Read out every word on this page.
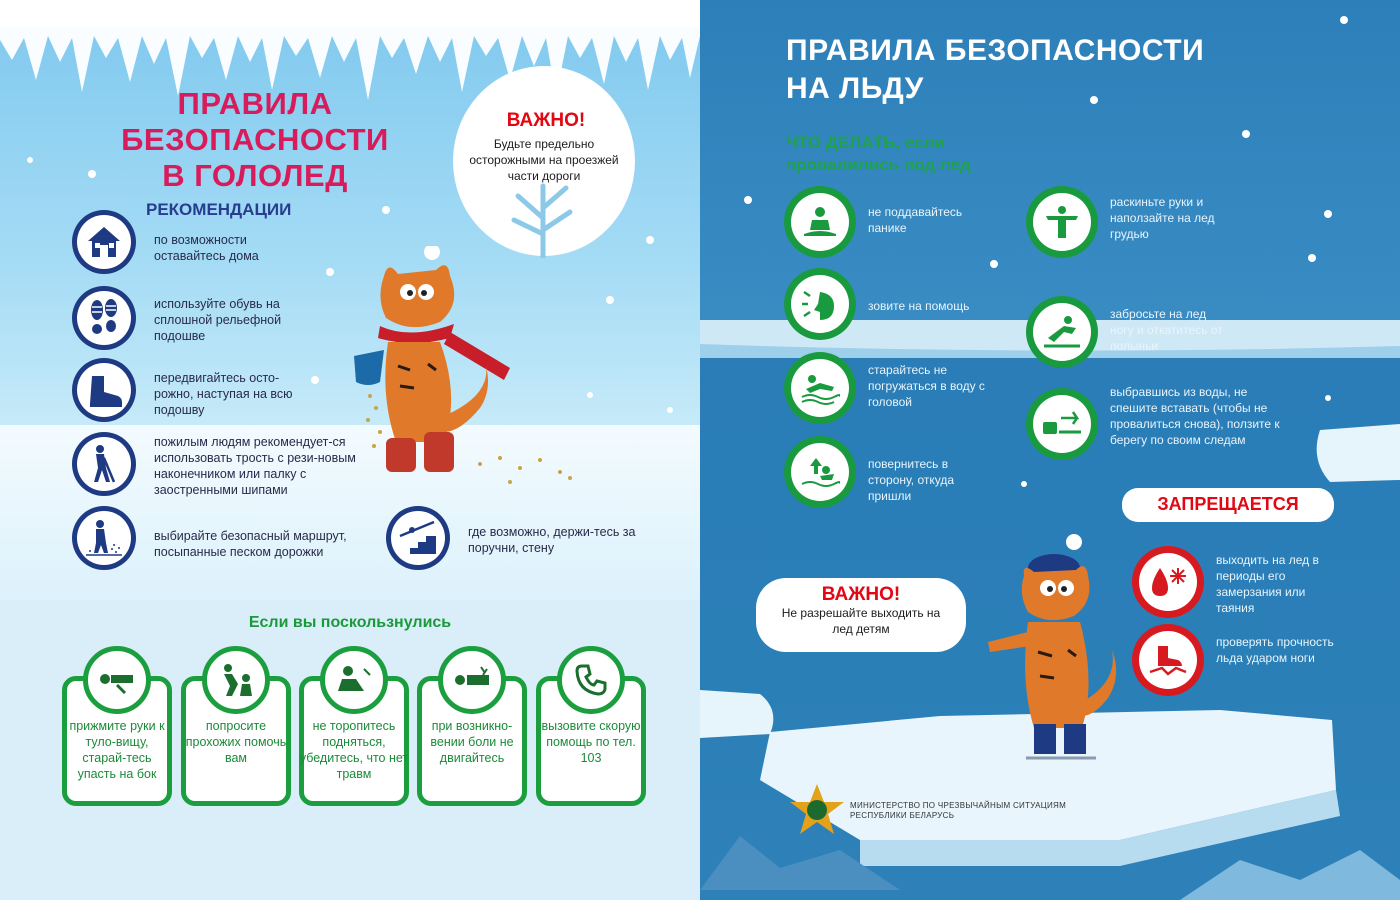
ПРАВИЛА
БЕЗОПАСНОСТИ
В ГОЛОЛЕД
ВАЖНО!
Будьте предельно осторожными на проезжей части дороги
РЕКОМЕНДАЦИИ
по возможности оставайтесь дома
используйте обувь на сплошной рельефной подошве
передвигайтесь осто-рожно, наступая на всю подошву
пожилым людям рекомендует-ся использовать трость с рези-новым наконечником или палку с заостренными шипами
выбирайте безопасный маршрут, посыпанные песком дорожки
где возможно, держи-тесь за поручни, стену
Если вы поскользнулись
прижмите руки к туло-вищу, старай-тесь упасть на бок
попросите прохожих помочь вам
не торопитесь подняться, убедитесь, что нет травм
при возникно-вении боли не двигайтесь
вызовите скорую помощь по тел. 103
ПРАВИЛА БЕЗОПАСНОСТИ
НА ЛЬДУ
ЧТО ДЕЛАТЬ, если
провалились под лед
не поддавайтесь панике
зовите на помощь
старайтесь не погружаться в воду с головой
повернитесь в сторону, откуда пришли
раскиньте руки и наползайте на лед грудью
забросьте на лед ногу и откатитесь от полыньи
выбравшись из воды, не спешите вставать (чтобы не провалиться снова), ползите к берегу по своим следам
ЗАПРЕЩАЕТСЯ
выходить на лед в периоды его замерзания или таяния
проверять прочность льда ударом ноги
ВАЖНО!
Не разрешайте выходить на лед детям
МИНИСТЕРСТВО ПО ЧРЕЗВЫЧАЙНЫМ СИТУАЦИЯМ
РЕСПУБЛИКИ БЕЛАРУСЬ
